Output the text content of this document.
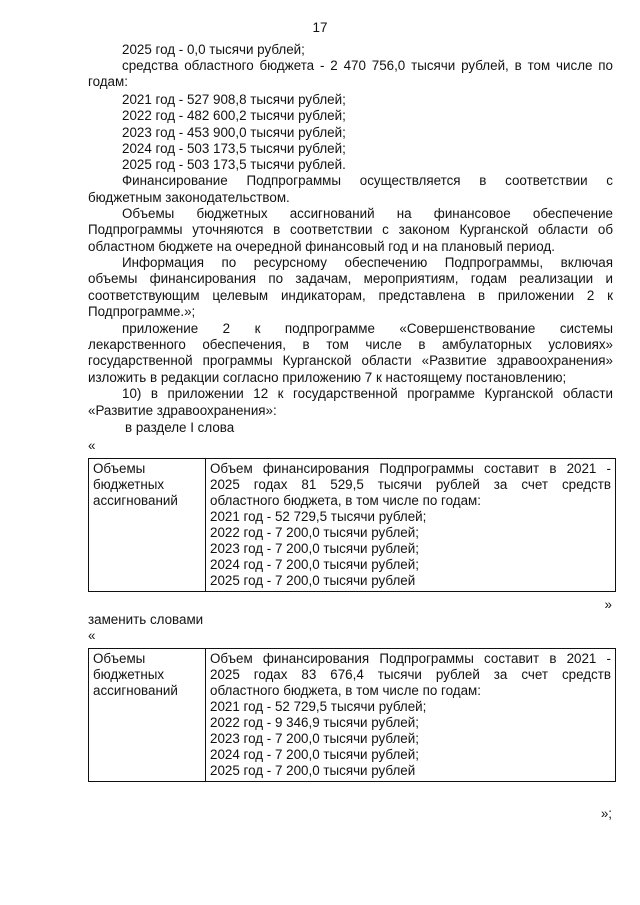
17
2025 год - 0,0 тысячи рублей;
средства областного бюджета - 2 470 756,0 тысячи рублей, в том числе по
годам:
2021 год - 527 908,8 тысячи рублей;
2022 год - 482 600,2 тысячи рублей;
2023 год - 453 900,0 тысячи рублей;
2024 год - 503 173,5 тысячи рублей;
2025 год - 503 173,5 тысячи рублей.
Финансирование Подпрограммы осуществляется в соответствии с
бюджетным законодательством.
Объемы бюджетных ассигнований на финансовое обеспечение
Подпрограммы уточняются в соответствии с законом Курганской области об
областном бюджете на очередной финансовый год и на плановый период.
Информация по ресурсному обеспечению Подпрограммы, включая
объемы финансирования по задачам, мероприятиям, годам реализации и
соответствующим целевым индикаторам, представлена в приложении 2 к
Подпрограмме.»;
приложение 2 к подпрограмме «Совершенствование системы
лекарственного обеспечения, в том числе в амбулаторных условиях»
государственной программы Курганской области «Развитие здравоохранения»
изложить в редакции согласно приложению 7 к настоящему постановлению;
10) в приложении 12 к государственной программе Курганской области
«Развитие здравоохранения»:
в разделе I слова
«
Объемы
бюджетных
ассигнований

Объем финансирования Подпрограммы составит в 2021 -
2025 годах 81 529,5 тысячи рублей за счет средств
областного бюджета, в том числе по годам:
2021 год - 52 729,5 тысячи рублей;
2022 год - 7 200,0 тысячи рублей;
2023 год - 7 200,0 тысячи рублей;
2024 год - 7 200,0 тысячи рублей;
2025 год - 7 200,0 тысячи рублей
»
заменить словами
«
Объемы
бюджетных
ассигнований

Объем финансирования Подпрограммы составит в 2021 -
2025 годах 83 676,4 тысячи рублей за счет средств
областного бюджета, в том числе по годам:
2021 год - 52 729,5 тысячи рублей;
2022 год - 9 346,9 тысячи рублей;
2023 год - 7 200,0 тысячи рублей;
2024 год - 7 200,0 тысячи рублей;
2025 год - 7 200,0 тысячи рублей
»;
